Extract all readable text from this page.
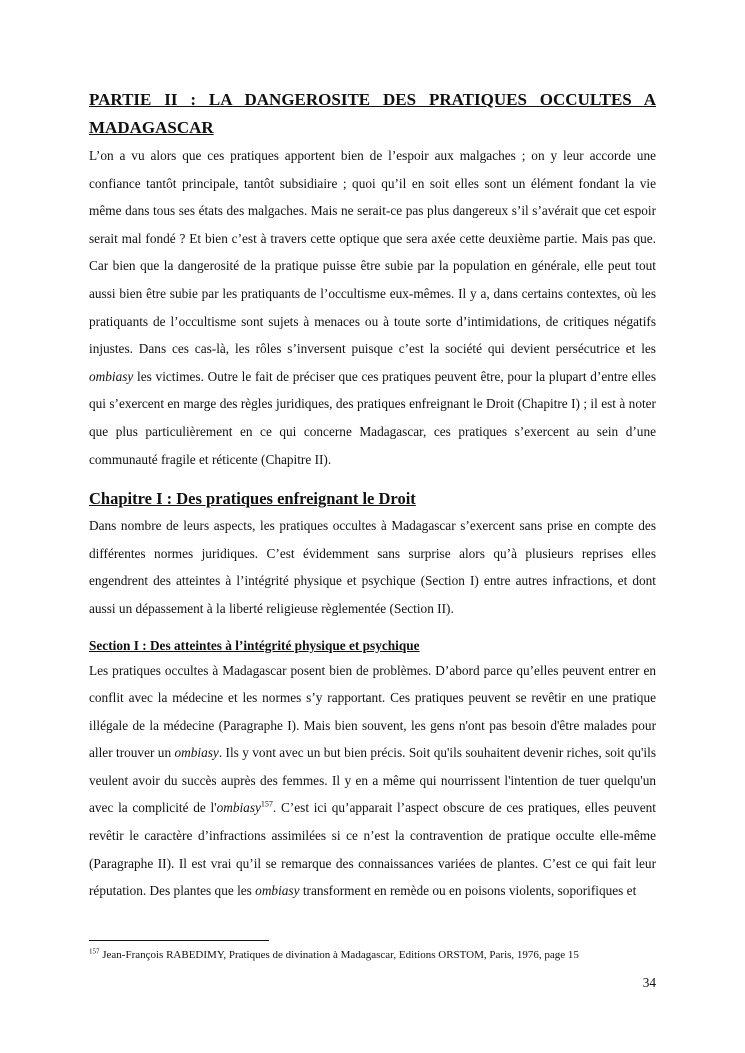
PARTIE II : LA DANGEROSITE DES PRATIQUES OCCULTES A MADAGASCAR

L’on a vu alors que ces pratiques apportent bien de l’espoir aux malgaches ; on y leur accorde une confiance tantôt principale, tantôt subsidiaire ; quoi qu’il en soit elles sont un élément fondant la vie même dans tous ses états des malgaches. Mais ne serait-ce pas plus dangereux s’il s’avérait que cet espoir serait mal fondé ? Et bien c’est à travers cette optique que sera axée cette deuxième partie. Mais pas que. Car bien que la dangerosité de la pratique puisse être subie par la population en générale, elle peut tout aussi bien être subie par les pratiquants de l’occultisme eux-mêmes. Il y a, dans certains contextes, où les pratiquants de l’occultisme sont sujets à menaces ou à toute sorte d’intimidations, de critiques négatifs injustes. Dans ces cas-là, les rôles s’inversent puisque c’est la société qui devient persécutrice et les ombiasy les victimes. Outre le fait de préciser que ces pratiques peuvent être, pour la plupart d’entre elles qui s’exercent en marge des règles juridiques, des pratiques enfreignant le Droit (Chapitre I) ; il est à noter que plus particulièrement en ce qui concerne Madagascar, ces pratiques s’exercent au sein d’une communauté fragile et réticente (Chapitre II).

Chapitre I : Des pratiques enfreignant le Droit

Dans nombre de leurs aspects, les pratiques occultes à Madagascar s’exercent sans prise en compte des différentes normes juridiques. C’est évidemment sans surprise alors qu’à plusieurs reprises elles engendrent des atteintes à l’intégrité physique et psychique (Section I) entre autres infractions, et dont aussi un dépassement à la liberté religieuse règlementée (Section II).

Section I : Des atteintes à l’intégrité physique et psychique

Les pratiques occultes à Madagascar posent bien de problèmes. D’abord parce qu’elles peuvent entrer en conflit avec la médecine et les normes s’y rapportant. Ces pratiques peuvent se revêtir en une pratique illégale de la médecine (Paragraphe I). Mais bien souvent, les gens n'ont pas besoin d'être malades pour aller trouver un ombiasy. Ils y vont avec un but bien précis. Soit qu'ils souhaitent devenir riches, soit qu'ils veulent avoir du succès auprès des femmes. Il y en a même qui nourrissent l'intention de tuer quelqu'un avec la complicité de l'ombiasy$^{157}$. C’est ici qu’apparait l’aspect obscure de ces pratiques, elles peuvent revêtir le caractère d’infractions assimilées si ce n’est la contravention de pratique occulte elle-même (Paragraphe II). Il est vrai qu’il se remarque des connaissances variées de plantes. C’est ce qui fait leur réputation. Des plantes que les ombiasy transforment en remède ou en poisons violents, soporifiques et

$^{157}$ Jean-François RABEDIMY, Pratiques de divination à Madagascar, Editions ORSTOM, Paris, 1976, page 15
34
